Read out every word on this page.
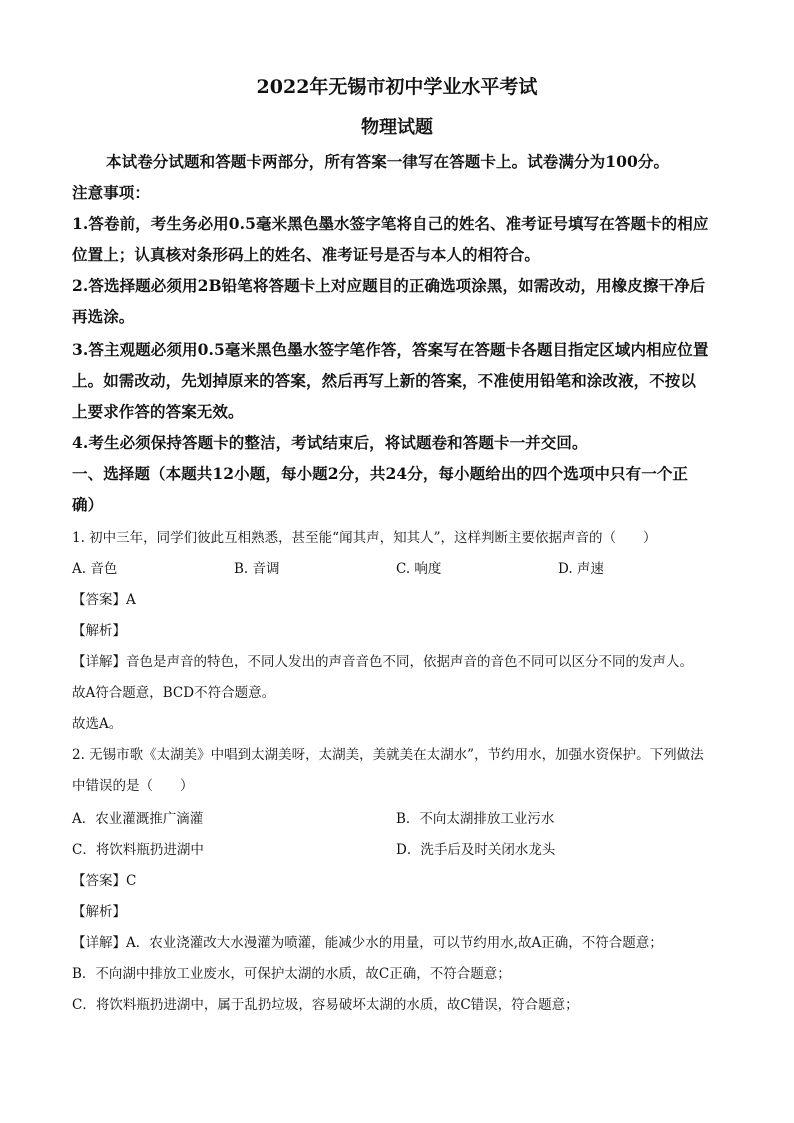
2022年无锡市初中学业水平考试
物理试题
本试卷分试题和答题卡两部分，所有答案一律写在答题卡上。试卷满分为100分。
注意事项：
1.答卷前，考生务必用0.5毫米黑色墨水签字笔将自己的姓名、准考证号填写在答题卡的相应
位置上；认真核对条形码上的姓名、准考证号是否与本人的相符合。
2.答选择题必须用2B铅笔将答题卡上对应题目的正确选项涂黑，如需改动，用橡皮擦干净后
再选涂。
3.答主观题必须用0.5毫米黑色墨水签字笔作答，答案写在答题卡各题目指定区域内相应位置
上。如需改动，先划掉原来的答案，然后再写上新的答案，不准使用铅笔和涂改液，不按以
上要求作答的答案无效。
4.考生必须保持答题卡的整洁，考试结束后，将试题卷和答题卡一并交回。
一、选择题（本题共12小题，每小题2分，共24分，每小题给出的四个选项中只有一个正
确）
1. 初中三年，同学们彼此互相熟悉，甚至能“闻其声，知其人”，这样判断主要依据声音的（　　）
A. 音色	B. 音调	C. 响度	D. 声速
【答案】A
【解析】
【详解】音色是声音的特色，不同人发出的声音音色不同，依据声音的音色不同可以区分不同的发声人。
故A符合题意，BCD不符合题意。
故选A。
2. 无锡市歌《太湖美》中唱到太湖美呀，太湖美，美就美在太湖水”，节约用水，加强水资保护。下列做法
中错误的是（　　）
A．农业灌溉推广滴灌	B．不向太湖排放工业污水
C．将饮料瓶扔进湖中	D．洗手后及时关闭水龙头
【答案】C
【解析】
【详解】A．农业浇灌改大水漫灌为喷灌，能减少水的用量，可以节约用水,故A正确，不符合题意；
B．不向湖中排放工业废水，可保护太湖的水质，故C正确，不符合题意；
C．将饮料瓶扔进湖中，属于乱扔垃圾，容易破坏太湖的水质，故C错误，符合题意；
